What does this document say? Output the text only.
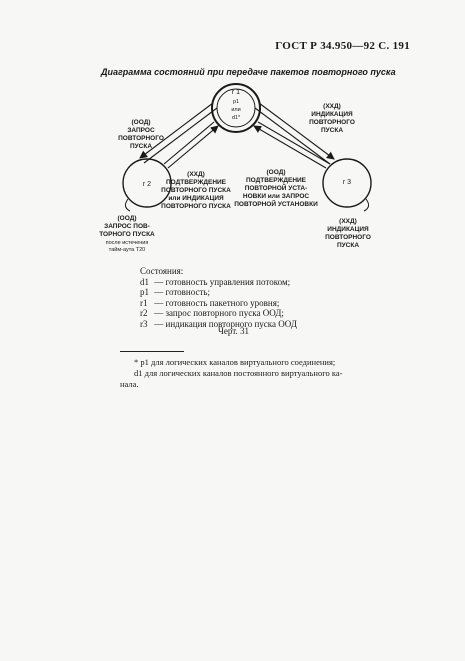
ГОСТ Р 34.950—92 С. 191
Диаграмма состояний при передаче пакетов повторного пуска
r 1
p1
или
d1*
r 2	r 3
(ООД)
ЗАПРОС
ПОВТОРНОГО
ПУСКА
(ХХД)
ИНДИКАЦИЯ
ПОВТОРНОГО
ПУСКА
(ХХД)
ПОДТВЕРЖДЕНИЕ
ПОВТОРНОГО ПУСКА
или ИНДИКАЦИЯ
ПОВТОРНОГО ПУСКА
(ООД)
ПОДТВЕРЖДЕНИЕ
ПОВТОРНОЙ УСТА-
НОВКИ или ЗАПРОС
ПОВТОРНОЙ УСТАНОВКИ
(ООД)
ЗАПРОС ПОВ-
ТОРНОГО ПУСКА
после истечения
тайм-аута Т20
(ХХД)
ИНДИКАЦИЯ
ПОВТОРНОГО
ПУСКА
Состояния:
d1 — готовность управления потоком;
p1 — готовность;
r1 — готовность пакетного уровня;
r2 — запрос повторного пуска ООД;
r3 — индикация повторного пуска ООД
Черт. 31
* p1 для логических каналов виртуального соединения;
d1 для логических каналов постоянного виртуального ка-
нала.
